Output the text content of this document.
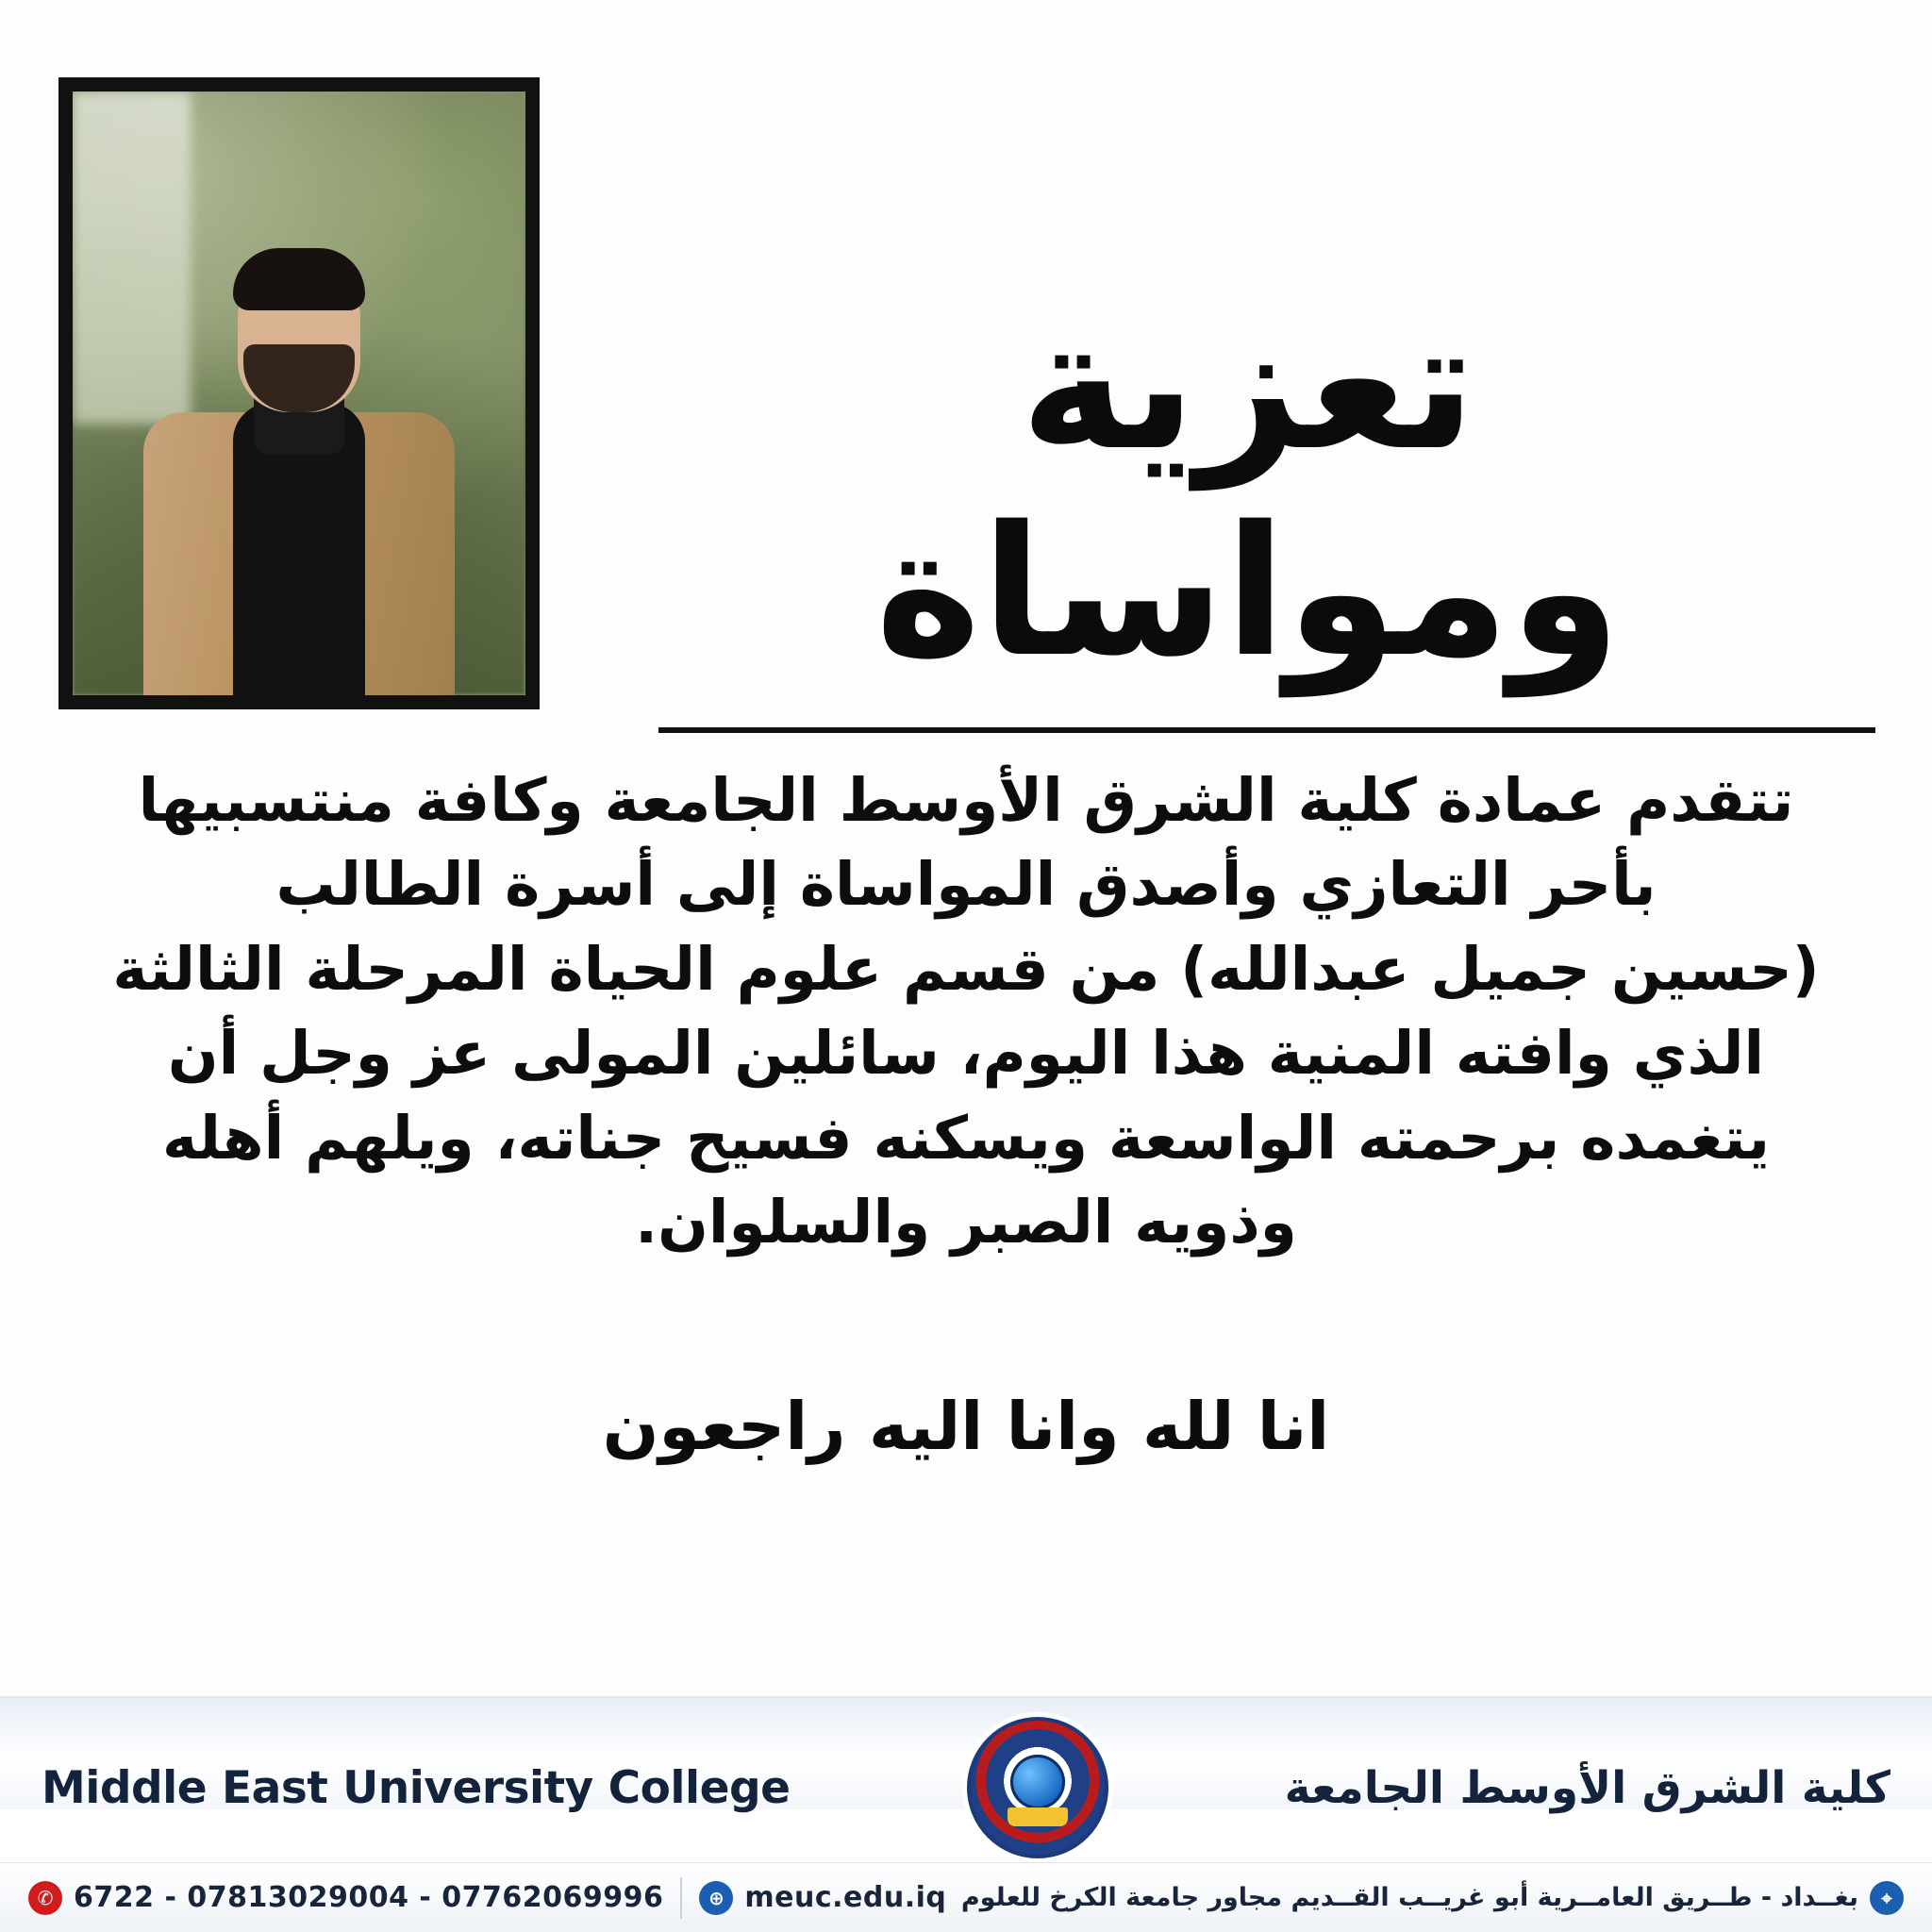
تعزية ومواساة

تتقدم عمادة كلية الشرق الأوسط الجامعة وكافة منتسبيها

بأحر التعازي وأصدق المواساة إلى أسرة الطالب

(حسين جميل عبدالله) من قسم علوم الحياة المرحلة الثالثة

الذي وافته المنية هذا اليوم، سائلين المولى عز وجل أن

يتغمده برحمته الواسعة ويسكنه فسيح جناته، ويلهم أهله

وذويه الصبر والسلوان.

انا لله وانا اليه راجعون
Middle East University College	كلية الشرق الأوسط الجامعة
✆ 6722 - 07813029004 - 07762069996	⊕ meuc.edu.iq بغــداد - طــريق العامــرية أبو غريــب القــديم مجاور جامعة الكرخ للعلوم	⌖
